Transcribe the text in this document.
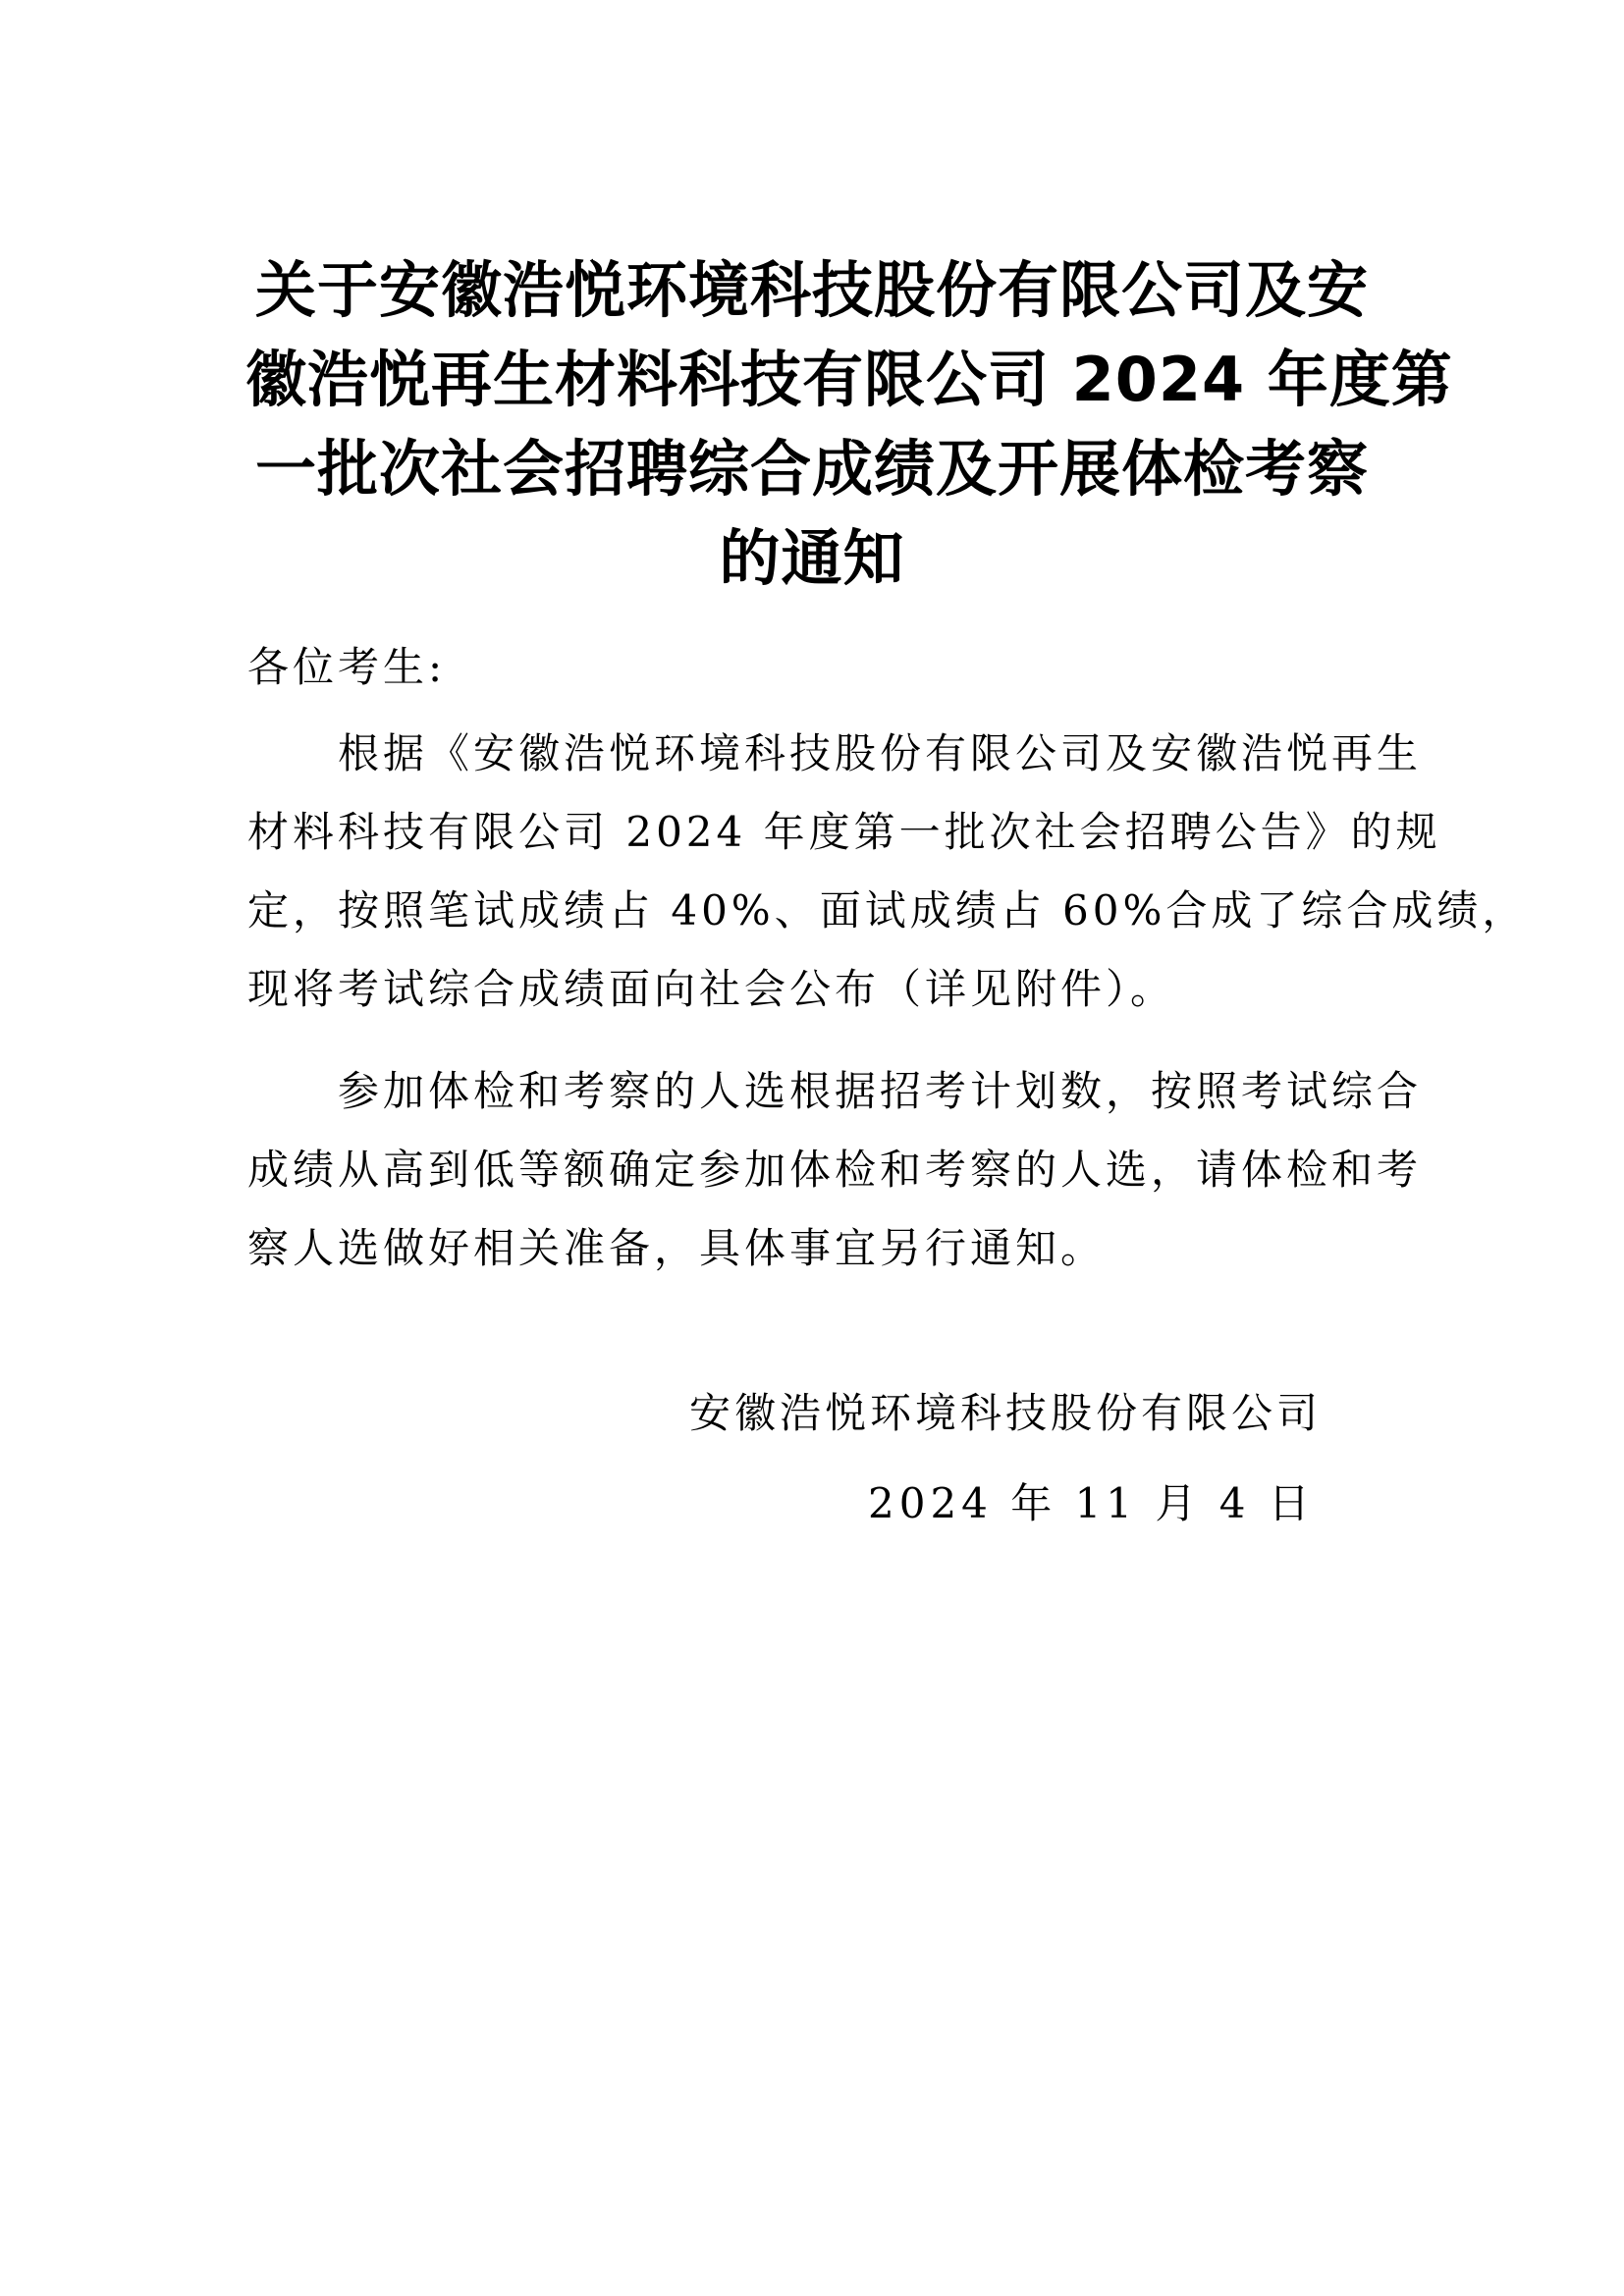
关于安徽浩悦环境科技股份有限公司及安
徽浩悦再生材料科技有限公司 2024 年度第
一批次社会招聘综合成绩及开展体检考察
的通知

各位考生:

根据《安徽浩悦环境科技股份有限公司及安徽浩悦再生
材料科技有限公司 2024 年度第一批次社会招聘公告》的规
定，按照笔试成绩占 40%、面试成绩占 60%合成了综合成绩，
现将考试综合成绩面向社会公布（详见附件）。

参加体检和考察的人选根据招考计划数，按照考试综合
成绩从高到低等额确定参加体检和考察的人选，请体检和考
察人选做好相关准备，具体事宜另行通知。

安徽浩悦环境科技股份有限公司

2024 年 11 月 4 日
